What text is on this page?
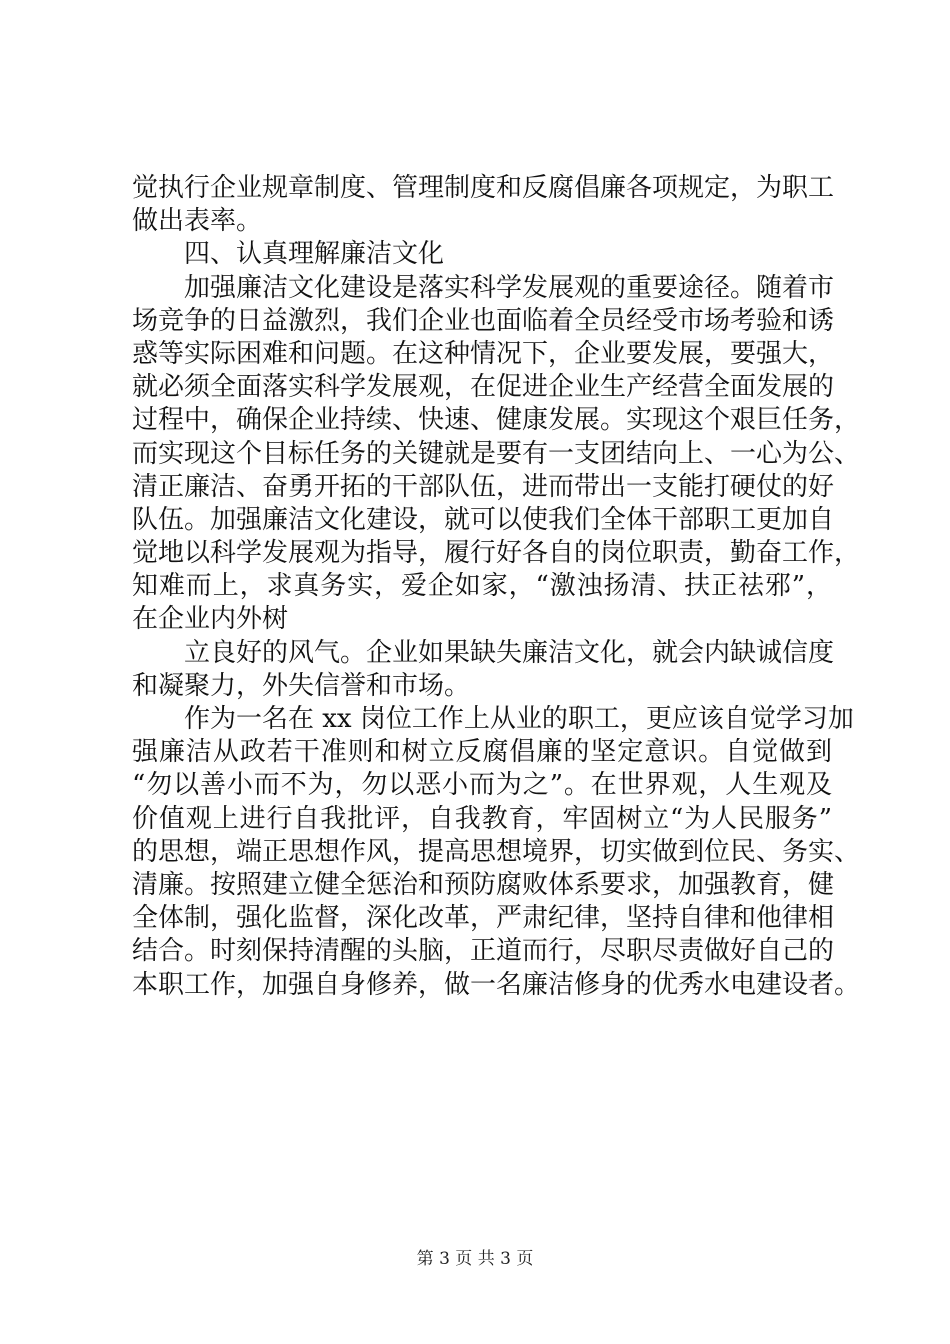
觉执行企业规章制度、管理制度和反腐倡廉各项规定，为职工
做出表率。
四、认真理解廉洁文化
加强廉洁文化建设是落实科学发展观的重要途径。随着市
场竞争的日益激烈，我们企业也面临着全员经受市场考验和诱
惑等实际困难和问题。在这种情况下，企业要发展，要强大，
就必须全面落实科学发展观，在促进企业生产经营全面发展的
过程中，确保企业持续、快速、健康发展。实现这个艰巨任务，
而实现这个目标任务的关键就是要有一支团结向上、一心为公、
清正廉洁、奋勇开拓的干部队伍，进而带出一支能打硬仗的好
队伍。加强廉洁文化建设，就可以使我们全体干部职工更加自
觉地以科学发展观为指导，履行好各自的岗位职责，勤奋工作，
知难而上，求真务实，爱企如家，“激浊扬清、扶正祛邪”，
在企业内外树
立良好的风气。企业如果缺失廉洁文化，就会内缺诚信度
和凝聚力，外失信誉和市场。
作为一名在 xx 岗位工作上从业的职工，更应该自觉学习加
强廉洁从政若干准则和树立反腐倡廉的坚定意识。自觉做到
“勿以善小而不为，勿以恶小而为之”。在世界观，人生观及
价值观上进行自我批评，自我教育，牢固树立“为人民服务”
的思想，端正思想作风，提高思想境界，切实做到位民、务实、
清廉。按照建立健全惩治和预防腐败体系要求，加强教育，健
全体制，强化监督，深化改革，严肃纪律，坚持自律和他律相
结合。时刻保持清醒的头脑，正道而行，尽职尽责做好自己的
本职工作，加强自身修养，做一名廉洁修身的优秀水电建设者。
第 3 页 共 3 页
